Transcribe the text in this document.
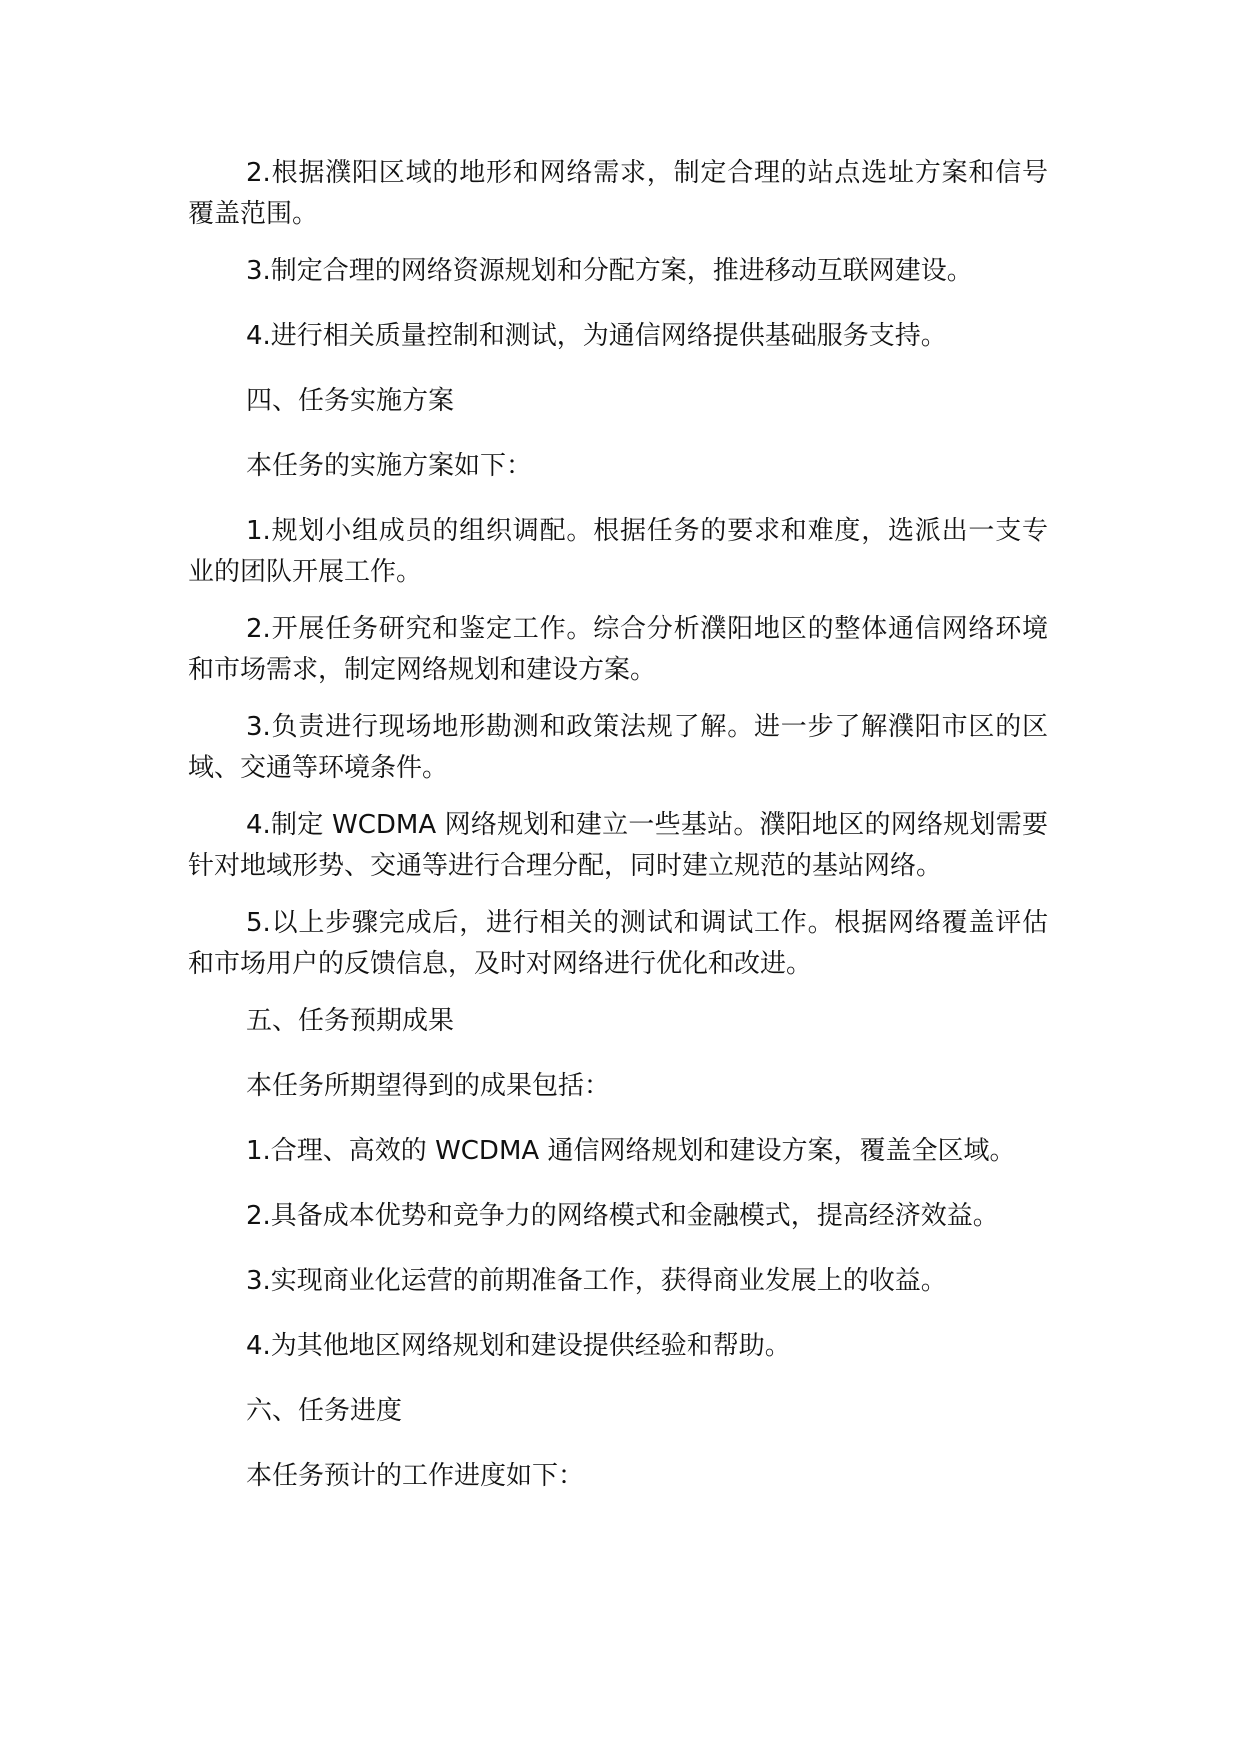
2.根据濮阳区域的地形和网络需求，制定合理的站点选址方案和信号覆盖范围。

3.制定合理的网络资源规划和分配方案，推进移动互联网建设。

4.进行相关质量控制和测试，为通信网络提供基础服务支持。

四、任务实施方案

本任务的实施方案如下：

1.规划小组成员的组织调配。根据任务的要求和难度，选派出一支专业的团队开展工作。

2.开展任务研究和鉴定工作。综合分析濮阳地区的整体通信网络环境和市场需求，制定网络规划和建设方案。

3.负责进行现场地形勘测和政策法规了解。进一步了解濮阳市区的区域、交通等环境条件。

4.制定 WCDMA 网络规划和建立一些基站。濮阳地区的网络规划需要针对地域形势、交通等进行合理分配，同时建立规范的基站网络。

5.以上步骤完成后，进行相关的测试和调试工作。根据网络覆盖评估和市场用户的反馈信息，及时对网络进行优化和改进。

五、任务预期成果

本任务所期望得到的成果包括：

1.合理、高效的 WCDMA 通信网络规划和建设方案，覆盖全区域。

2.具备成本优势和竞争力的网络模式和金融模式，提高经济效益。

3.实现商业化运营的前期准备工作，获得商业发展上的收益。

4.为其他地区网络规划和建设提供经验和帮助。

六、任务进度

本任务预计的工作进度如下：
